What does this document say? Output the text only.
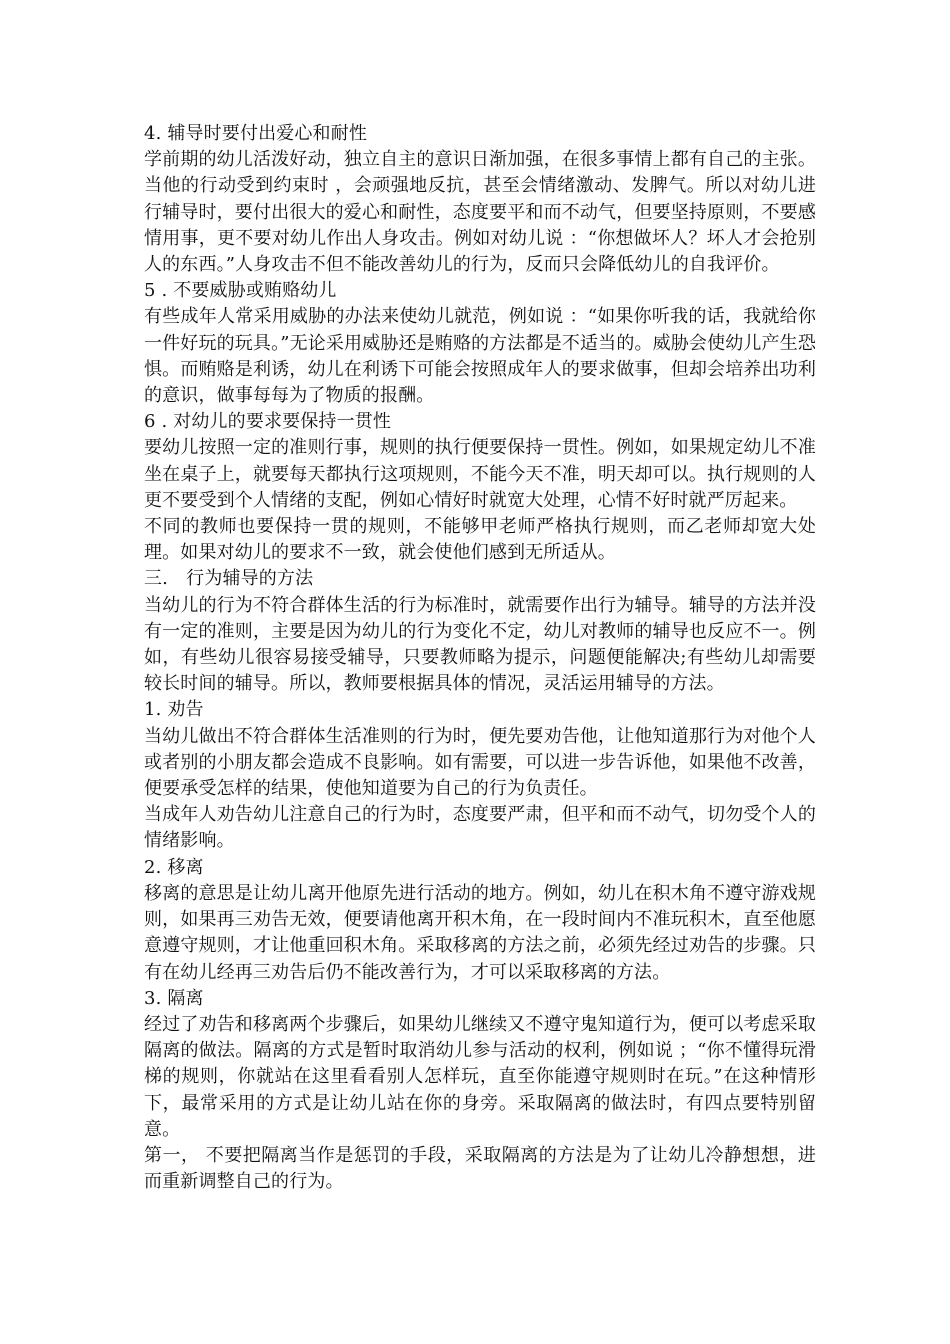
4. 辅导时要付出爱心和耐性

学前期的幼儿活泼好动，独立自主的意识日渐加强，在很多事情上都有自己的主张。当他的行动受到约束时 ，会顽强地反抗，甚至会情绪激动、发脾气。所以对幼儿进行辅导时，要付出很大的爱心和耐性，态度要平和而不动气，但要坚持原则，不要感情用事，更不要对幼儿作出人身攻击。例如对幼儿说 ：“你想做坏人？坏人才会抢别人的东西。”人身攻击不但不能改善幼儿的行为，反而只会降低幼儿的自我评价。

5 . 不要威胁或贿赂幼儿

有些成年人常采用威胁的办法来使幼儿就范，例如说 ：“如果你听我的话，我就给你一件好玩的玩具。”无论采用威胁还是贿赂的方法都是不适当的。威胁会使幼儿产生恐惧。而贿赂是利诱，幼儿在利诱下可能会按照成年人的要求做事，但却会培养出功利的意识，做事每每为了物质的报酬。

6 . 对幼儿的要求要保持一贯性

要幼儿按照一定的准则行事，规则的执行便要保持一贯性。例如，如果规定幼儿不准坐在桌子上，就要每天都执行这项规则，不能今天不准，明天却可以。执行规则的人更不要受到个人情绪的支配，例如心情好时就宽大处理，心情不好时就严厉起来。

不同的教师也要保持一贯的规则，不能够甲老师严格执行规则，而乙老师却宽大处理。如果对幼儿的要求不一致，就会使他们感到无所适从。

三.　行为辅导的方法

当幼儿的行为不符合群体生活的行为标准时，就需要作出行为辅导。辅导的方法并没有一定的准则，主要是因为幼儿的行为变化不定，幼儿对教师的辅导也反应不一。例如，有些幼儿很容易接受辅导，只要教师略为提示，问题便能解决;有些幼儿却需要较长时间的辅导。所以，教师要根据具体的情况，灵活运用辅导的方法。

1. 劝告

当幼儿做出不符合群体生活准则的行为时，便先要劝告他，让他知道那行为对他个人或者别的小朋友都会造成不良影响。如有需要，可以进一步告诉他，如果他不改善，便要承受怎样的结果，使他知道要为自己的行为负责任。

当成年人劝告幼儿注意自己的行为时，态度要严肃，但平和而不动气，切勿受个人的情绪影响。

2. 移离

移离的意思是让幼儿离开他原先进行活动的地方。例如，幼儿在积木角不遵守游戏规则，如果再三劝告无效，便要请他离开积木角，在一段时间内不准玩积木，直至他愿意遵守规则，才让他重回积木角。采取移离的方法之前，必须先经过劝告的步骤。只有在幼儿经再三劝告后仍不能改善行为，才可以采取移离的方法。

3. 隔离

经过了劝告和移离两个步骤后，如果幼儿继续又不遵守鬼知道行为，便可以考虑采取隔离的做法。隔离的方式是暂时取消幼儿参与活动的权利，例如说 ；“你不懂得玩滑梯的规则，你就站在这里看看别人怎样玩，直至你能遵守规则时在玩。”在这种情形下，最常采用的方式是让幼儿站在你的身旁。采取隔离的做法时，有四点要特别留意。

第一， 不要把隔离当作是惩罚的手段，采取隔离的方法是为了让幼儿冷静想想，进而重新调整自己的行为。
